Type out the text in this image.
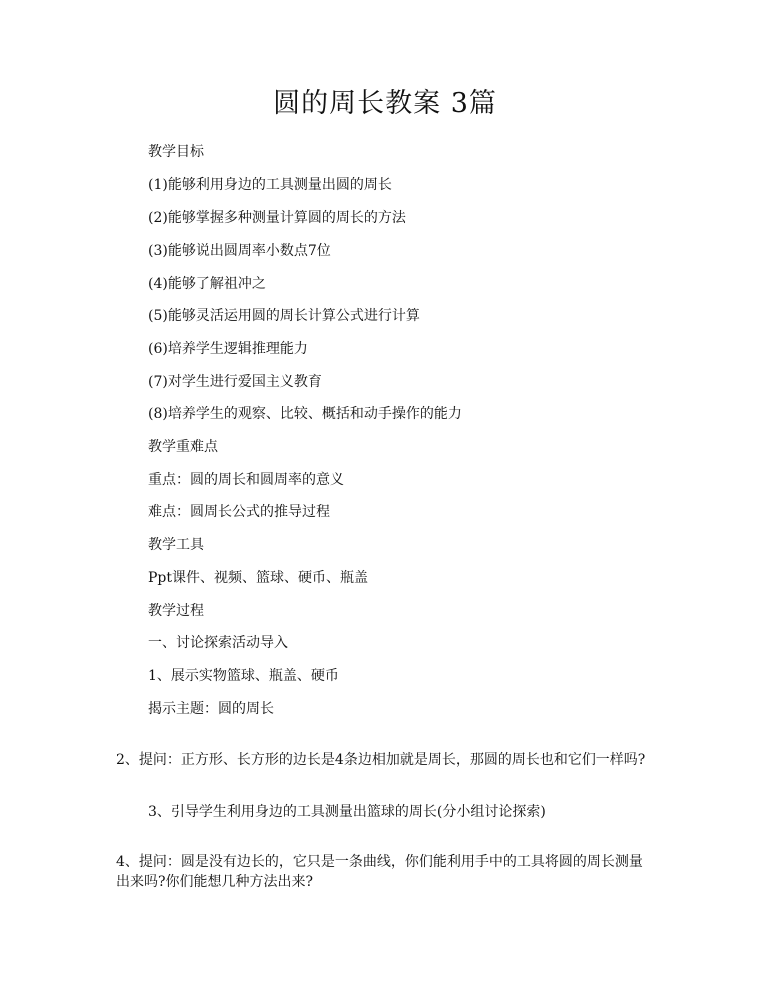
圆的周长教案 3篇
教学目标
(1)能够利用身边的工具测量出圆的周长
(2)能够掌握多种测量计算圆的周长的方法
(3)能够说出圆周率小数点7位
(4)能够了解祖冲之
(5)能够灵活运用圆的周长计算公式进行计算
(6)培养学生逻辑推理能力
(7)对学生进行爱国主义教育
(8)培养学生的观察、比较、概括和动手操作的能力
教学重难点
重点：圆的周长和圆周率的意义
难点：圆周长公式的推导过程
教学工具
Ppt课件、视频、篮球、硬币、瓶盖
教学过程
一、讨论探索活动导入
1、展示实物篮球、瓶盖、硬币
揭示主题：圆的周长
2、提问：正方形、长方形的边长是4条边相加就是周长，那圆的周长也和它们一样吗?
3、引导学生利用身边的工具测量出篮球的周长(分小组讨论探索)
4、提问：圆是没有边长的，它只是一条曲线，你们能利用手中的工具将圆的周长测量出来吗?你们能想几种方法出来?
